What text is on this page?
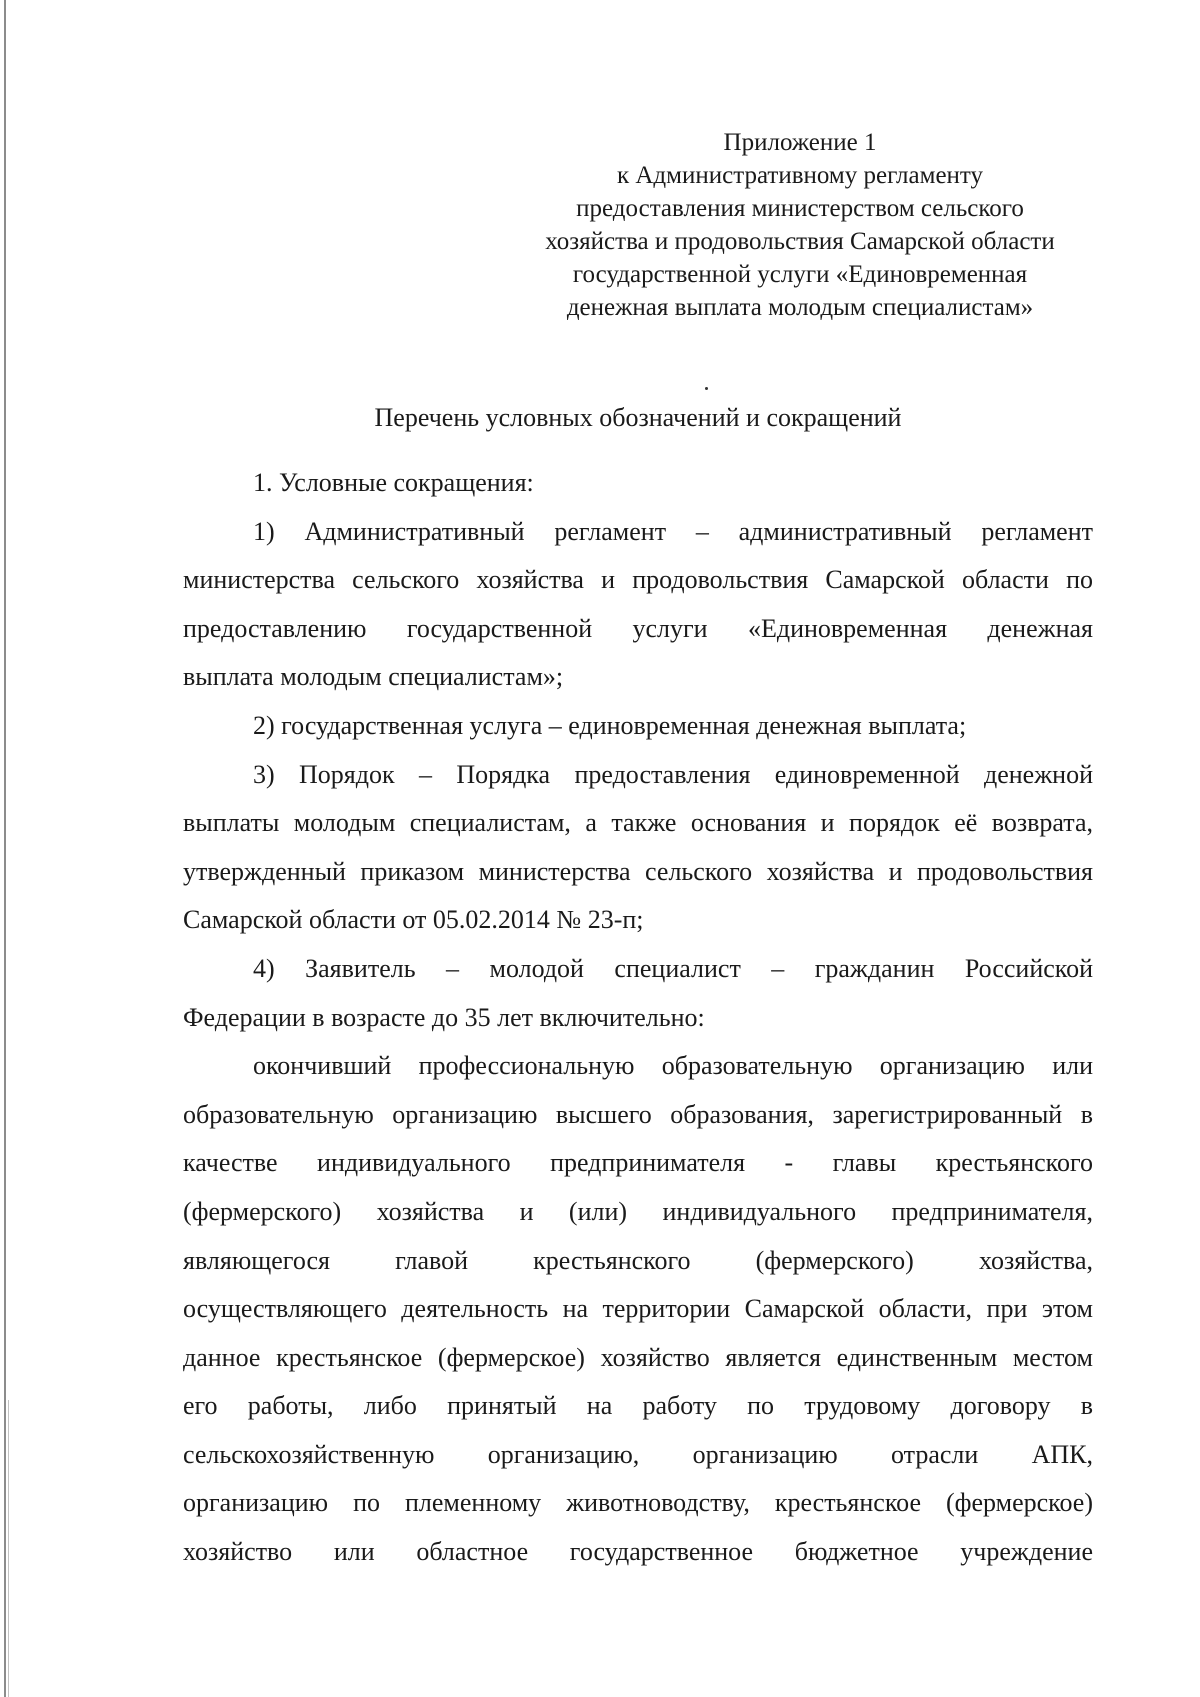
Приложение 1
к Административному регламенту
предоставления министерством сельского
хозяйства и продовольствия Самарской области
государственной услуги «Единовременная
денежная выплата молодым специалистам»
Перечень условных обозначений и сокращений
1. Условные сокращения:
1) Административный регламент – административный регламент
министерства сельского хозяйства и продовольствия Самарской области по
предоставлению государственной услуги «Единовременная денежная
выплата молодым специалистам»;
2) государственная услуга – единовременная денежная выплата;
3) Порядок – Порядка предоставления единовременной денежной
выплаты молодым специалистам, а также основания и порядок её возврата,
утвержденный приказом министерства сельского хозяйства и продовольствия
Самарской области от 05.02.2014 № 23-п;
4) Заявитель – молодой специалист – гражданин Российской
Федерации в возрасте до 35 лет включительно:
окончивший профессиональную образовательную организацию или
образовательную организацию высшего образования, зарегистрированный в
качестве индивидуального предпринимателя - главы крестьянского
(фермерского) хозяйства и (или) индивидуального предпринимателя,
являющегося главой крестьянского (фермерского) хозяйства,
осуществляющего деятельность на территории Самарской области, при этом
данное крестьянское (фермерское) хозяйство является единственным местом
его работы, либо принятый на работу по трудовому договору в
сельскохозяйственную организацию, организацию отрасли АПК,
организацию по племенному животноводству, крестьянское (фермерское)
хозяйство или областное государственное бюджетное учреждение
